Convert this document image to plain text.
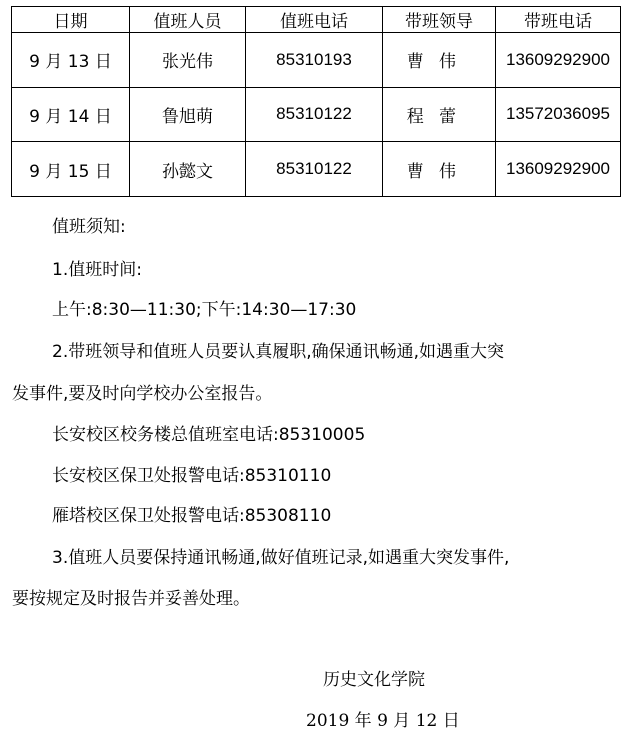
日期	值班人员	值班电话	带班领导	带班电话
9 月 13 日	张光伟	85310193	曹伟	13609292900
9 月 14 日	鲁旭萌	85310122	程蕾	13572036095
9 月 15 日	孙懿文	85310122	曹伟	13609292900
值班须知:
1.值班时间:
上午:8:30—11:30;下午:14:30—17:30
2.带班领导和值班人员要认真履职,确保通讯畅通,如遇重大突
发事件,要及时向学校办公室报告。
长安校区校务楼总值班室电话:85310005
长安校区保卫处报警电话:85310110
雁塔校区保卫处报警电话:85308110
3.值班人员要保持通讯畅通,做好值班记录,如遇重大突发事件,
要按规定及时报告并妥善处理。
历史文化学院
2019 年 9 月 12 日
